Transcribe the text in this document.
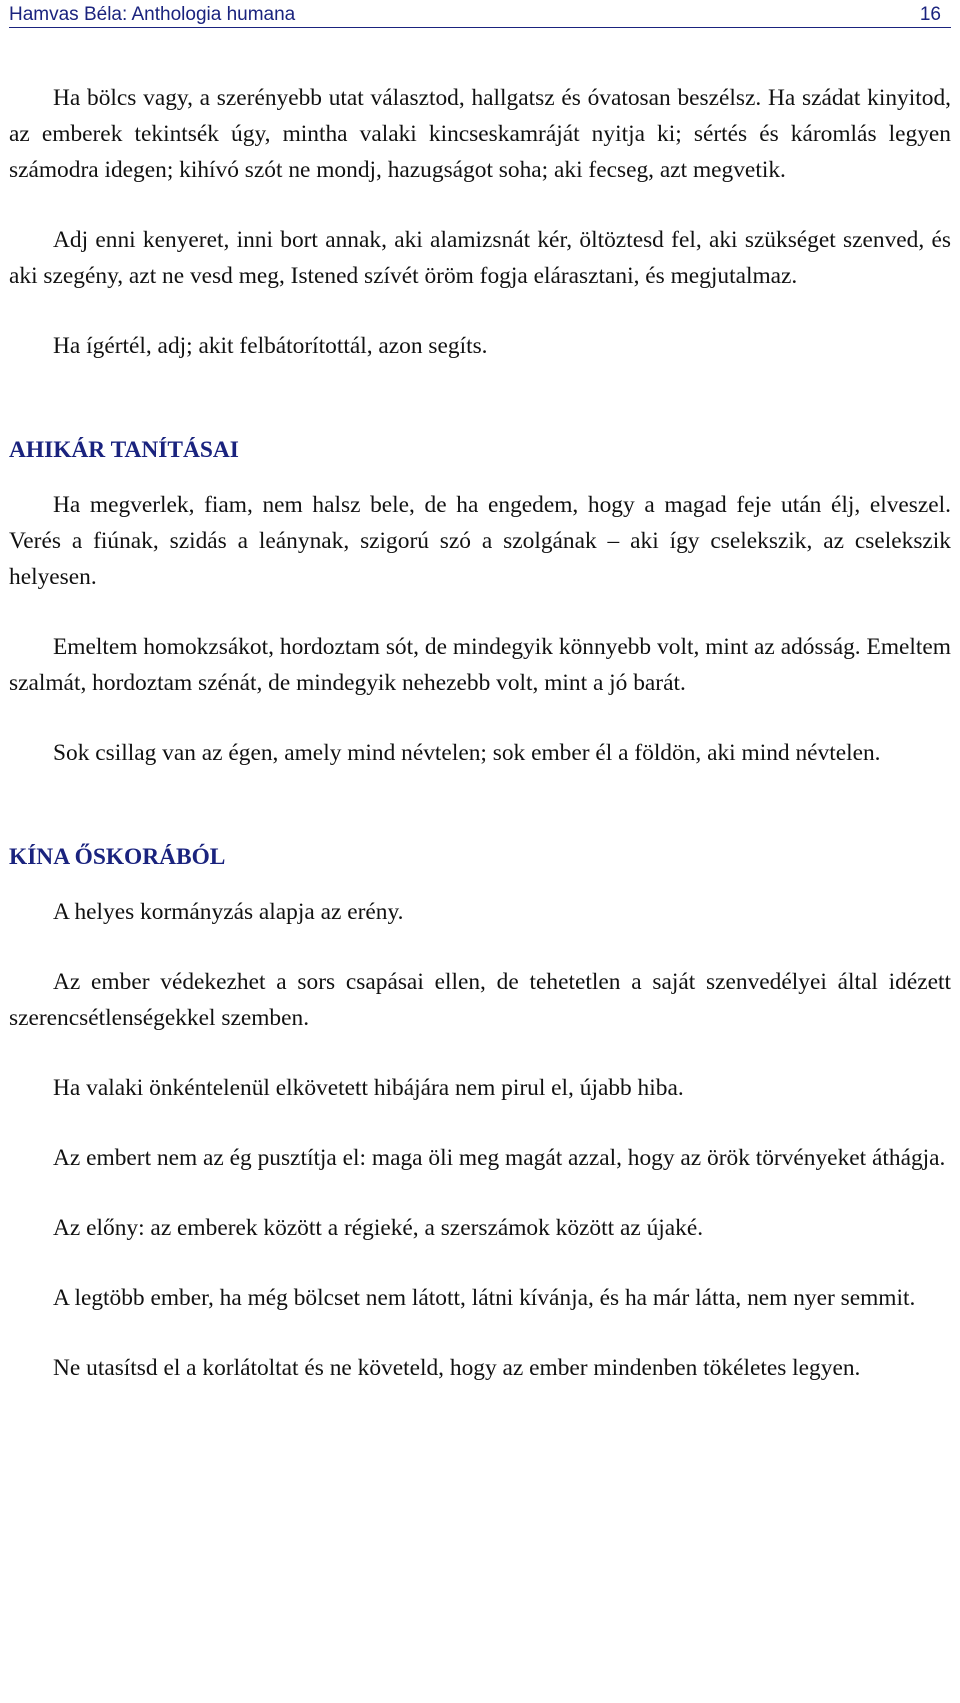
Hamvas Béla: Anthologia humana	16

Ha bölcs vagy, a szerényebb utat választod, hallgatsz és óvatosan beszélsz. Ha szádat kinyitod, az emberek tekintsék úgy, mintha valaki kincseskamráját nyitja ki; sértés és káromlás legyen számodra idegen; kihívó szót ne mondj, hazugságot soha; aki fecseg, azt megvetik.

Adj enni kenyeret, inni bort annak, aki alamizsnát kér, öltöztesd fel, aki szükséget szenved, és aki szegény, azt ne vesd meg, Istened szívét öröm fogja elárasztani, és megjutalmaz.

Ha ígértél, adj; akit felbátorítottál, azon segíts.

AHIKÁR TANÍTÁSAI

Ha megverlek, fiam, nem halsz bele, de ha engedem, hogy a magad feje után élj, elveszel. Verés a fiúnak, szidás a leánynak, szigorú szó a szolgának – aki így cselekszik, az cselekszik helyesen.

Emeltem homokzsákot, hordoztam sót, de mindegyik könnyebb volt, mint az adósság. Emeltem szalmát, hordoztam szénát, de mindegyik nehezebb volt, mint a jó barát.

Sok csillag van az égen, amely mind névtelen; sok ember él a földön, aki mind névtelen.

KÍNA ŐSKORÁBÓL

A helyes kormányzás alapja az erény.

Az ember védekezhet a sors csapásai ellen, de tehetetlen a saját szenvedélyei által idézett szerencsétlenségekkel szemben.

Ha valaki önkéntelenül elkövetett hibájára nem pirul el, újabb hiba.

Az embert nem az ég pusztítja el: maga öli meg magát azzal, hogy az örök törvényeket áthágja.

Az előny: az emberek között a régieké, a szerszámok között az újaké.

A legtöbb ember, ha még bölcset nem látott, látni kívánja, és ha már látta, nem nyer semmit.

Ne utasítsd el a korlátoltat és ne követeld, hogy az ember mindenben tökéletes legyen.
